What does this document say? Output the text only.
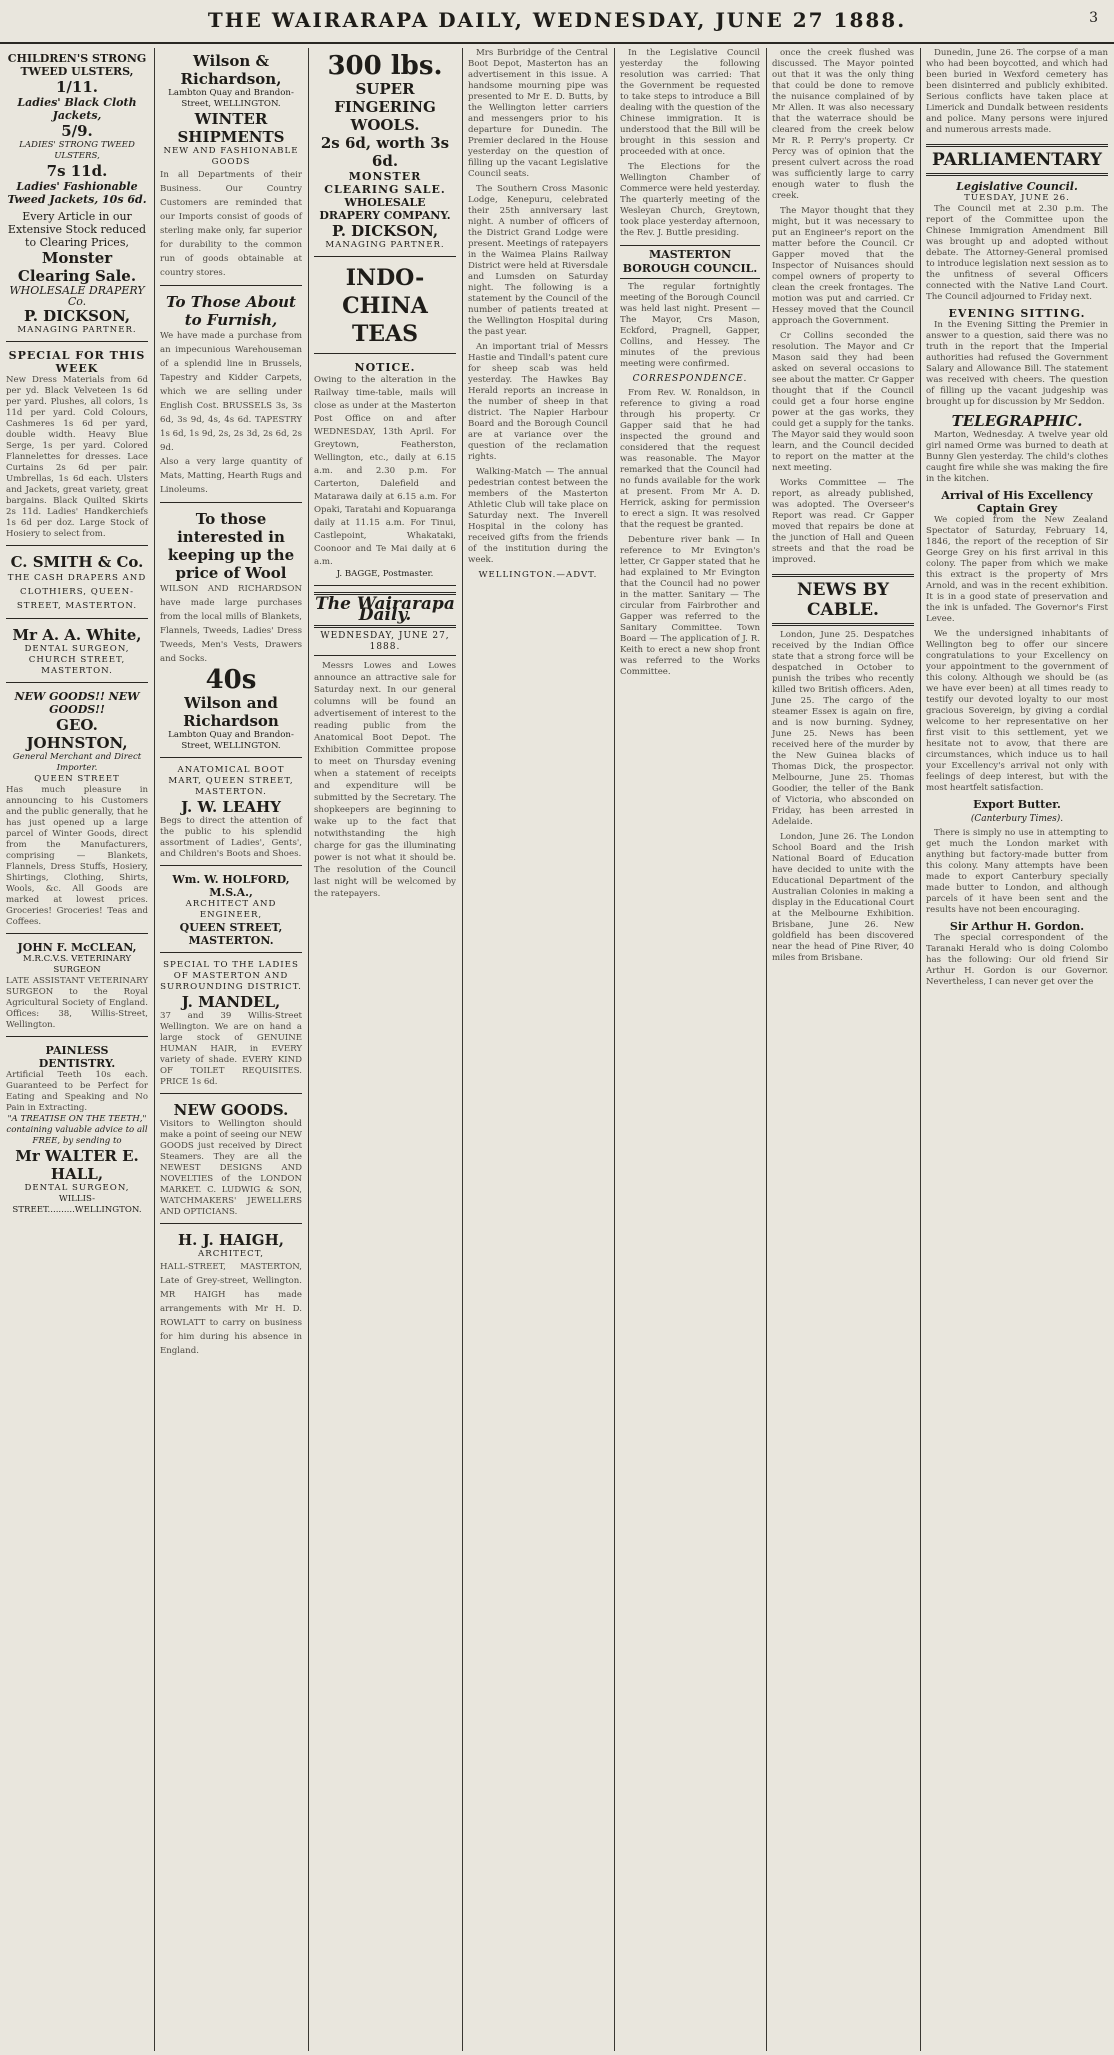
THE WAIRARAPA DAILY, WEDNESDAY, JUNE 27 1888.	3
CHILDREN'S STRONG TWEED ULSTERS,
1/11.
Ladies' Black Cloth Jackets,
5/9.
LADIES' STRONG TWEED ULSTERS,
7s 11d.
Ladies' Fashionable Tweed Jackets, 10s 6d.
Every Article in our Extensive Stock reduced to Clearing Prices,
Monster Clearing Sale.
WHOLESALE DRAPERY Co.
P. DICKSON,
MANAGING PARTNER.
SPECIAL FOR THIS WEEK
New Dress Materials from 6d per yd. Black Velveteen 1s 6d per yard. Plushes, all colors, 1s 11d per yard. Cold Colours, Cashmeres 1s 6d per yard, double width. Heavy Blue Serge, 1s per yard. Colored Flannelettes for dresses. Lace Curtains 2s 6d per pair. Umbrellas, 1s 6d each. Ulsters and Jackets, great variety, great bargains. Black Quilted Skirts 2s 11d. Ladies' Handkerchiefs 1s 6d per doz. Large Stock of Hosiery to select from.
C. SMITH & Co.
THE CASH DRAPERS AND CLOTHIERS, QUEEN-STREET, MASTERTON.
Mr A. A. White,
DENTAL SURGEON,
CHURCH STREET, MASTERTON.
NEW GOODS!! NEW GOODS!!
GEO. JOHNSTON,
General Merchant and Direct Importer.
QUEEN STREET
Has much pleasure in announcing to his Customers and the public generally, that he has just opened up a large parcel of Winter Goods, direct from the Manufacturers, comprising — Blankets, Flannels, Dress Stuffs, Hosiery, Shirtings, Clothing, Shirts, Wools, &c. All Goods are marked at lowest prices. Groceries! Groceries! Teas and Coffees.
JOHN F. McCLEAN,
M.R.C.V.S. VETERINARY SURGEON
LATE ASSISTANT VETERINARY SURGEON to the Royal Agricultural Society of England. Offices: 38, Willis-Street, Wellington.
PAINLESS DENTISTRY.
Artificial Teeth 10s each. Guaranteed to be Perfect for Eating and Speaking and No Pain in Extracting.
"A TREATISE ON THE TEETH," containing valuable advice to all FREE, by sending to
Mr WALTER E. HALL,
DENTAL SURGEON,
WILLIS-STREET..........WELLINGTON.
Wilson & Richardson,
Lambton Quay and Brandon-Street, WELLINGTON.
WINTER SHIPMENTS
NEW AND FASHIONABLE GOODS
In all Departments of their Business. Our Country Customers are reminded that our Imports consist of goods of sterling make only, far superior for durability to the common run of goods obtainable at country stores.
To Those About to Furnish,
We have made a purchase from an impecunious Warehouseman of a splendid line in Brussels, Tapestry and Kidder Carpets, which we are selling under English Cost. BRUSSELS 3s, 3s 6d, 3s 9d, 4s, 4s 6d. TAPESTRY 1s 6d, 1s 9d, 2s, 2s 3d, 2s 6d, 2s 9d.
Also a very large quantity of Mats, Matting, Hearth Rugs and Linoleums.
To those interested in keeping up the price of Wool
WILSON AND RICHARDSON have made large purchases from the local mills of Blankets, Flannels, Tweeds, Ladies' Dress Tweeds, Men's Vests, Drawers and Socks.
40s
Wilson and Richardson
Lambton Quay and Brandon-Street, WELLINGTON.
ANATOMICAL BOOT MART, QUEEN STREET, MASTERTON.
J. W. LEAHY
Begs to direct the attention of the public to his splendid assortment of Ladies', Gents', and Children's Boots and Shoes.
Wm. W. HOLFORD, M.S.A.,
ARCHITECT AND ENGINEER,
QUEEN STREET, MASTERTON.
SPECIAL TO THE LADIES OF MASTERTON AND SURROUNDING DISTRICT.
J. MANDEL,
37 and 39 Willis-Street Wellington. We are on hand a large stock of GENUINE HUMAN HAIR, in EVERY variety of shade. EVERY KIND OF TOILET REQUISITES. PRICE 1s 6d.
NEW GOODS.
Visitors to Wellington should make a point of seeing our NEW GOODS just received by Direct Steamers. They are all the NEWEST DESIGNS AND NOVELTIES of the LONDON MARKET. C. LUDWIG & SON, WATCHMAKERS' JEWELLERS AND OPTICIANS.
H. J. HAIGH,
ARCHITECT,
HALL-STREET, MASTERTON, Late of Grey-street, Wellington. MR HAIGH has made arrangements with Mr H. D. ROWLATT to carry on business for him during his absence in England.
300 lbs.
SUPER FINGERING WOOLS.
2s 6d, worth 3s 6d.
MONSTER CLEARING SALE.
WHOLESALE DRAPERY COMPANY.
P. DICKSON,
MANAGING PARTNER.
INDO-CHINA TEAS
NOTICE.
Owing to the alteration in the Railway time-table, mails will close as under at the Masterton Post Office on and after WEDNESDAY, 13th April. For Greytown, Featherston, Wellington, etc., daily at 6.15 a.m. and 2.30 p.m. For Carterton, Dalefield and Matarawa daily at 6.15 a.m. For Opaki, Taratahi and Kopuaranga daily at 11.15 a.m. For Tinui, Castlepoint, Whakataki, Coonoor and Te Mai daily at 6 a.m.
J. BAGGE, Postmaster.
The Wairarapa Daily.
WEDNESDAY, JUNE 27, 1888.
Messrs Lowes and Lowes announce an attractive sale for Saturday next. In our general columns will be found an advertisement of interest to the reading public from the Anatomical Boot Depot. The Exhibition Committee propose to meet on Thursday evening when a statement of receipts and expenditure will be submitted by the Secretary. The shopkeepers are beginning to wake up to the fact that notwithstanding the high charge for gas the illuminating power is not what it should be. The resolution of the Council last night will be welcomed by the ratepayers.
Mrs Burbridge of the Central Boot Depot, Masterton has an advertisement in this issue. A handsome mourning pipe was presented to Mr E. D. Butts, by the Wellington letter carriers and messengers prior to his departure for Dunedin. The Premier declared in the House yesterday on the question of filling up the vacant Legislative Council seats.
The Southern Cross Masonic Lodge, Kenepuru, celebrated their 25th anniversary last night. A number of officers of the District Grand Lodge were present. Meetings of ratepayers in the Waimea Plains Railway District were held at Riversdale and Lumsden on Saturday night. The following is a statement by the Council of the number of patients treated at the Wellington Hospital during the past year.
An important trial of Messrs Hastie and Tindall's patent cure for sheep scab was held yesterday. The Hawkes Bay Herald reports an increase in the number of sheep in that district. The Napier Harbour Board and the Borough Council are at variance over the question of the reclamation rights.
Walking-Match — The annual pedestrian contest between the members of the Masterton Athletic Club will take place on Saturday next. The Inverell Hospital in the colony has received gifts from the friends of the institution during the week.
WELLINGTON.—ADVT.
In the Legislative Council yesterday the following resolution was carried: That the Government be requested to take steps to introduce a Bill dealing with the question of the Chinese immigration. It is understood that the Bill will be brought in this session and proceeded with at once.
The Elections for the Wellington Chamber of Commerce were held yesterday. The quarterly meeting of the Wesleyan Church, Greytown, took place yesterday afternoon, the Rev. J. Buttle presiding.
MASTERTON BOROUGH COUNCIL.
The regular fortnightly meeting of the Borough Council was held last night. Present — The Mayor, Crs Mason, Eckford, Pragnell, Gapper, Collins, and Hessey. The minutes of the previous meeting were confirmed.
CORRESPONDENCE.
From Rev. W. Ronaldson, in reference to giving a road through his property. Cr Gapper said that he had inspected the ground and considered that the request was reasonable. The Mayor remarked that the Council had no funds available for the work at present. From Mr A. D. Herrick, asking for permission to erect a sign. It was resolved that the request be granted.
Debenture river bank — In reference to Mr Evington's letter, Cr Gapper stated that he had explained to Mr Evington that the Council had no power in the matter. Sanitary — The circular from Fairbrother and Gapper was referred to the Sanitary Committee. Town Board — The application of J. R. Keith to erect a new shop front was referred to the Works Committee.
once the creek flushed was discussed. The Mayor pointed out that it was the only thing that could be done to remove the nuisance complained of by Mr Allen. It was also necessary that the waterrace should be cleared from the creek below Mr R. P. Perry's property. Cr Percy was of opinion that the present culvert across the road was sufficiently large to carry enough water to flush the creek.
The Mayor thought that they might, but it was necessary to put an Engineer's report on the matter before the Council. Cr Gapper moved that the Inspector of Nuisances should compel owners of property to clean the creek frontages. The motion was put and carried. Cr Hessey moved that the Council approach the Government.
Cr Collins seconded the resolution. The Mayor and Cr Mason said they had been asked on several occasions to see about the matter. Cr Gapper thought that if the Council could get a four horse engine power at the gas works, they could get a supply for the tanks. The Mayor said they would soon learn, and the Council decided to report on the matter at the next meeting.
Works Committee — The report, as already published, was adopted. The Overseer's Report was read. Cr Gapper moved that repairs be done at the junction of Hall and Queen streets and that the road be improved.
NEWS BY CABLE.
London, June 25. Despatches received by the Indian Office state that a strong force will be despatched in October to punish the tribes who recently killed two British officers. Aden, June 25. The cargo of the steamer Essex is again on fire, and is now burning. Sydney, June 25. News has been received here of the murder by the New Guinea blacks of Thomas Dick, the prospector. Melbourne, June 25. Thomas Goodier, the teller of the Bank of Victoria, who absconded on Friday, has been arrested in Adelaide.
London, June 26. The London School Board and the Irish National Board of Education have decided to unite with the Educational Department of the Australian Colonies in making a display in the Educational Court at the Melbourne Exhibition. Brisbane, June 26. New goldfield has been discovered near the head of Pine River, 40 miles from Brisbane.
Dunedin, June 26. The corpse of a man who had been boycotted, and which had been buried in Wexford cemetery has been disinterred and publicly exhibited. Serious conflicts have taken place at Limerick and Dundalk between residents and police. Many persons were injured and numerous arrests made.
PARLIAMENTARY
Legislative Council.
TUESDAY, JUNE 26.
The Council met at 2.30 p.m. The report of the Committee upon the Chinese Immigration Amendment Bill was brought up and adopted without debate. The Attorney-General promised to introduce legislation next session as to the unfitness of several Officers connected with the Native Land Court. The Council adjourned to Friday next.
EVENING SITTING.
In the Evening Sitting the Premier in answer to a question, said there was no truth in the report that the Imperial authorities had refused the Government Salary and Allowance Bill. The statement was received with cheers. The question of filling up the vacant judgeship was brought up for discussion by Mr Seddon.
TELEGRAPHIC.
Marton, Wednesday. A twelve year old girl named Orme was burned to death at Bunny Glen yesterday. The child's clothes caught fire while she was making the fire in the kitchen.
Arrival of His Excellency Captain Grey
We copied from the New Zealand Spectator of Saturday, February 14, 1846, the report of the reception of Sir George Grey on his first arrival in this colony. The paper from which we make this extract is the property of Mrs Arnold, and was in the recent exhibition. It is in a good state of preservation and the ink is unfaded. The Governor's First Levee.
We the undersigned inhabitants of Wellington beg to offer our sincere congratulations to your Excellency on your appointment to the government of this colony. Although we should be (as we have ever been) at all times ready to testify our devoted loyalty to our most gracious Sovereign, by giving a cordial welcome to her representative on her first visit to this settlement, yet we hesitate not to avow, that there are circumstances, which induce us to hail your Excellency's arrival not only with feelings of deep interest, but with the most heartfelt satisfaction.
Export Butter.
(Canterbury Times).
There is simply no use in attempting to get much the London market with anything but factory-made butter from this colony. Many attempts have been made to export Canterbury specially made butter to London, and although parcels of it have been sent and the results have not been encouraging.
Sir Arthur H. Gordon.
The special correspondent of the Taranaki Herald who is doing Colombo has the following: Our old friend Sir Arthur H. Gordon is our Governor. Nevertheless, I can never get over the
